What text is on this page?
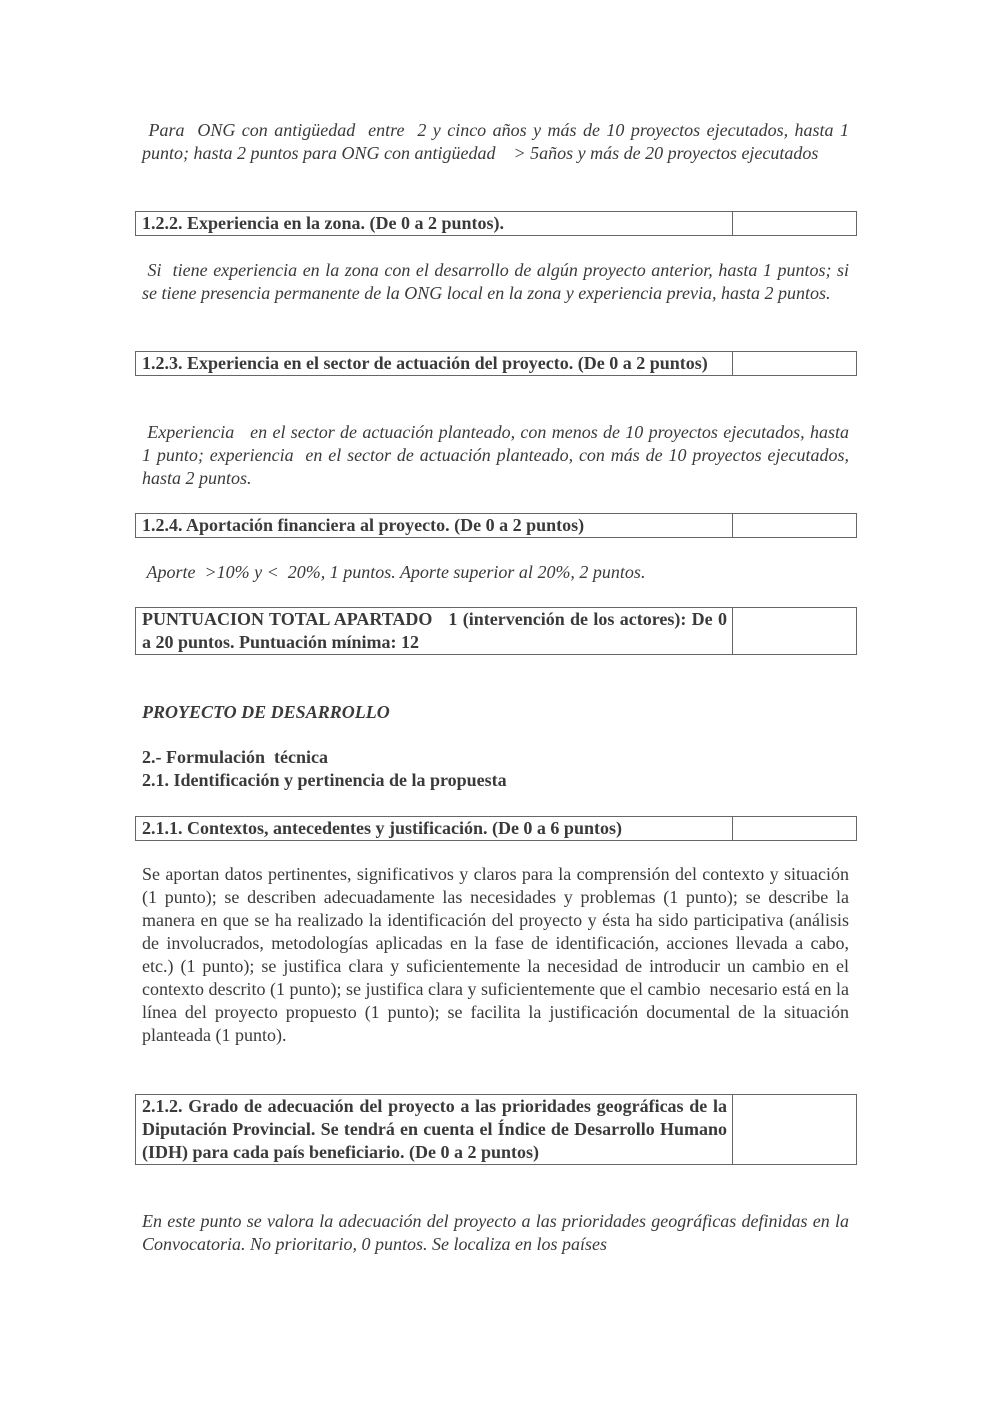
Para  ONG con antigüedad  entre  2 y cinco años y más de 10 proyectos ejecutados, hasta 1 punto; hasta 2 puntos para ONG con antigüedad    > 5años y más de 20 proyectos ejecutados

1.2.2. Experiencia en la zona. (De 0 a 2 puntos).

Si  tiene experiencia en la zona con el desarrollo de algún proyecto anterior, hasta 1 puntos; si se tiene presencia permanente de la ONG local en la zona y experiencia previa, hasta 2 puntos.

1.2.3. Experiencia en el sector de actuación del proyecto. (De 0 a 2 puntos)

Experiencia   en el sector de actuación planteado, con menos de 10 proyectos ejecutados, hasta 1 punto; experiencia  en el sector de actuación planteado, con más de 10 proyectos ejecutados, hasta 2 puntos.

1.2.4. Aportación financiera al proyecto. (De 0 a 2 puntos)

Aporte  >10% y <  20%, 1 puntos. Aporte superior al 20%, 2 puntos.

PUNTUACION TOTAL APARTADO   1 (intervención de los actores): De 0 a 20 puntos. Puntuación mínima: 12

PROYECTO DE DESARROLLO

2.- Formulación  técnica

2.1. Identificación y pertinencia de la propuesta

2.1.1. Contextos, antecedentes y justificación. (De 0 a 6 puntos)

Se aportan datos pertinentes, significativos y claros para la comprensión del contexto y situación (1 punto); se describen adecuadamente las necesidades y problemas (1 punto); se describe la manera en que se ha realizado la identificación del proyecto y ésta ha sido participativa (análisis de involucrados, metodologías aplicadas en la fase de identificación, acciones llevada a cabo, etc.) (1 punto); se justifica clara y suficientemente la necesidad de introducir un cambio en el contexto descrito (1 punto); se justifica clara y suficientemente que el cambio  necesario está en la línea del proyecto propuesto (1 punto); se facilita la justificación documental de la situación planteada (1 punto).

2.1.2. Grado de adecuación del proyecto a las prioridades geográficas de la Diputación Provincial. Se tendrá en cuenta el Índice de Desarrollo Humano (IDH) para cada país beneficiario. (De 0 a 2 puntos)

En este punto se valora la adecuación del proyecto a las prioridades geográficas definidas en la Convocatoria. No prioritario, 0 puntos. Se localiza en los países
